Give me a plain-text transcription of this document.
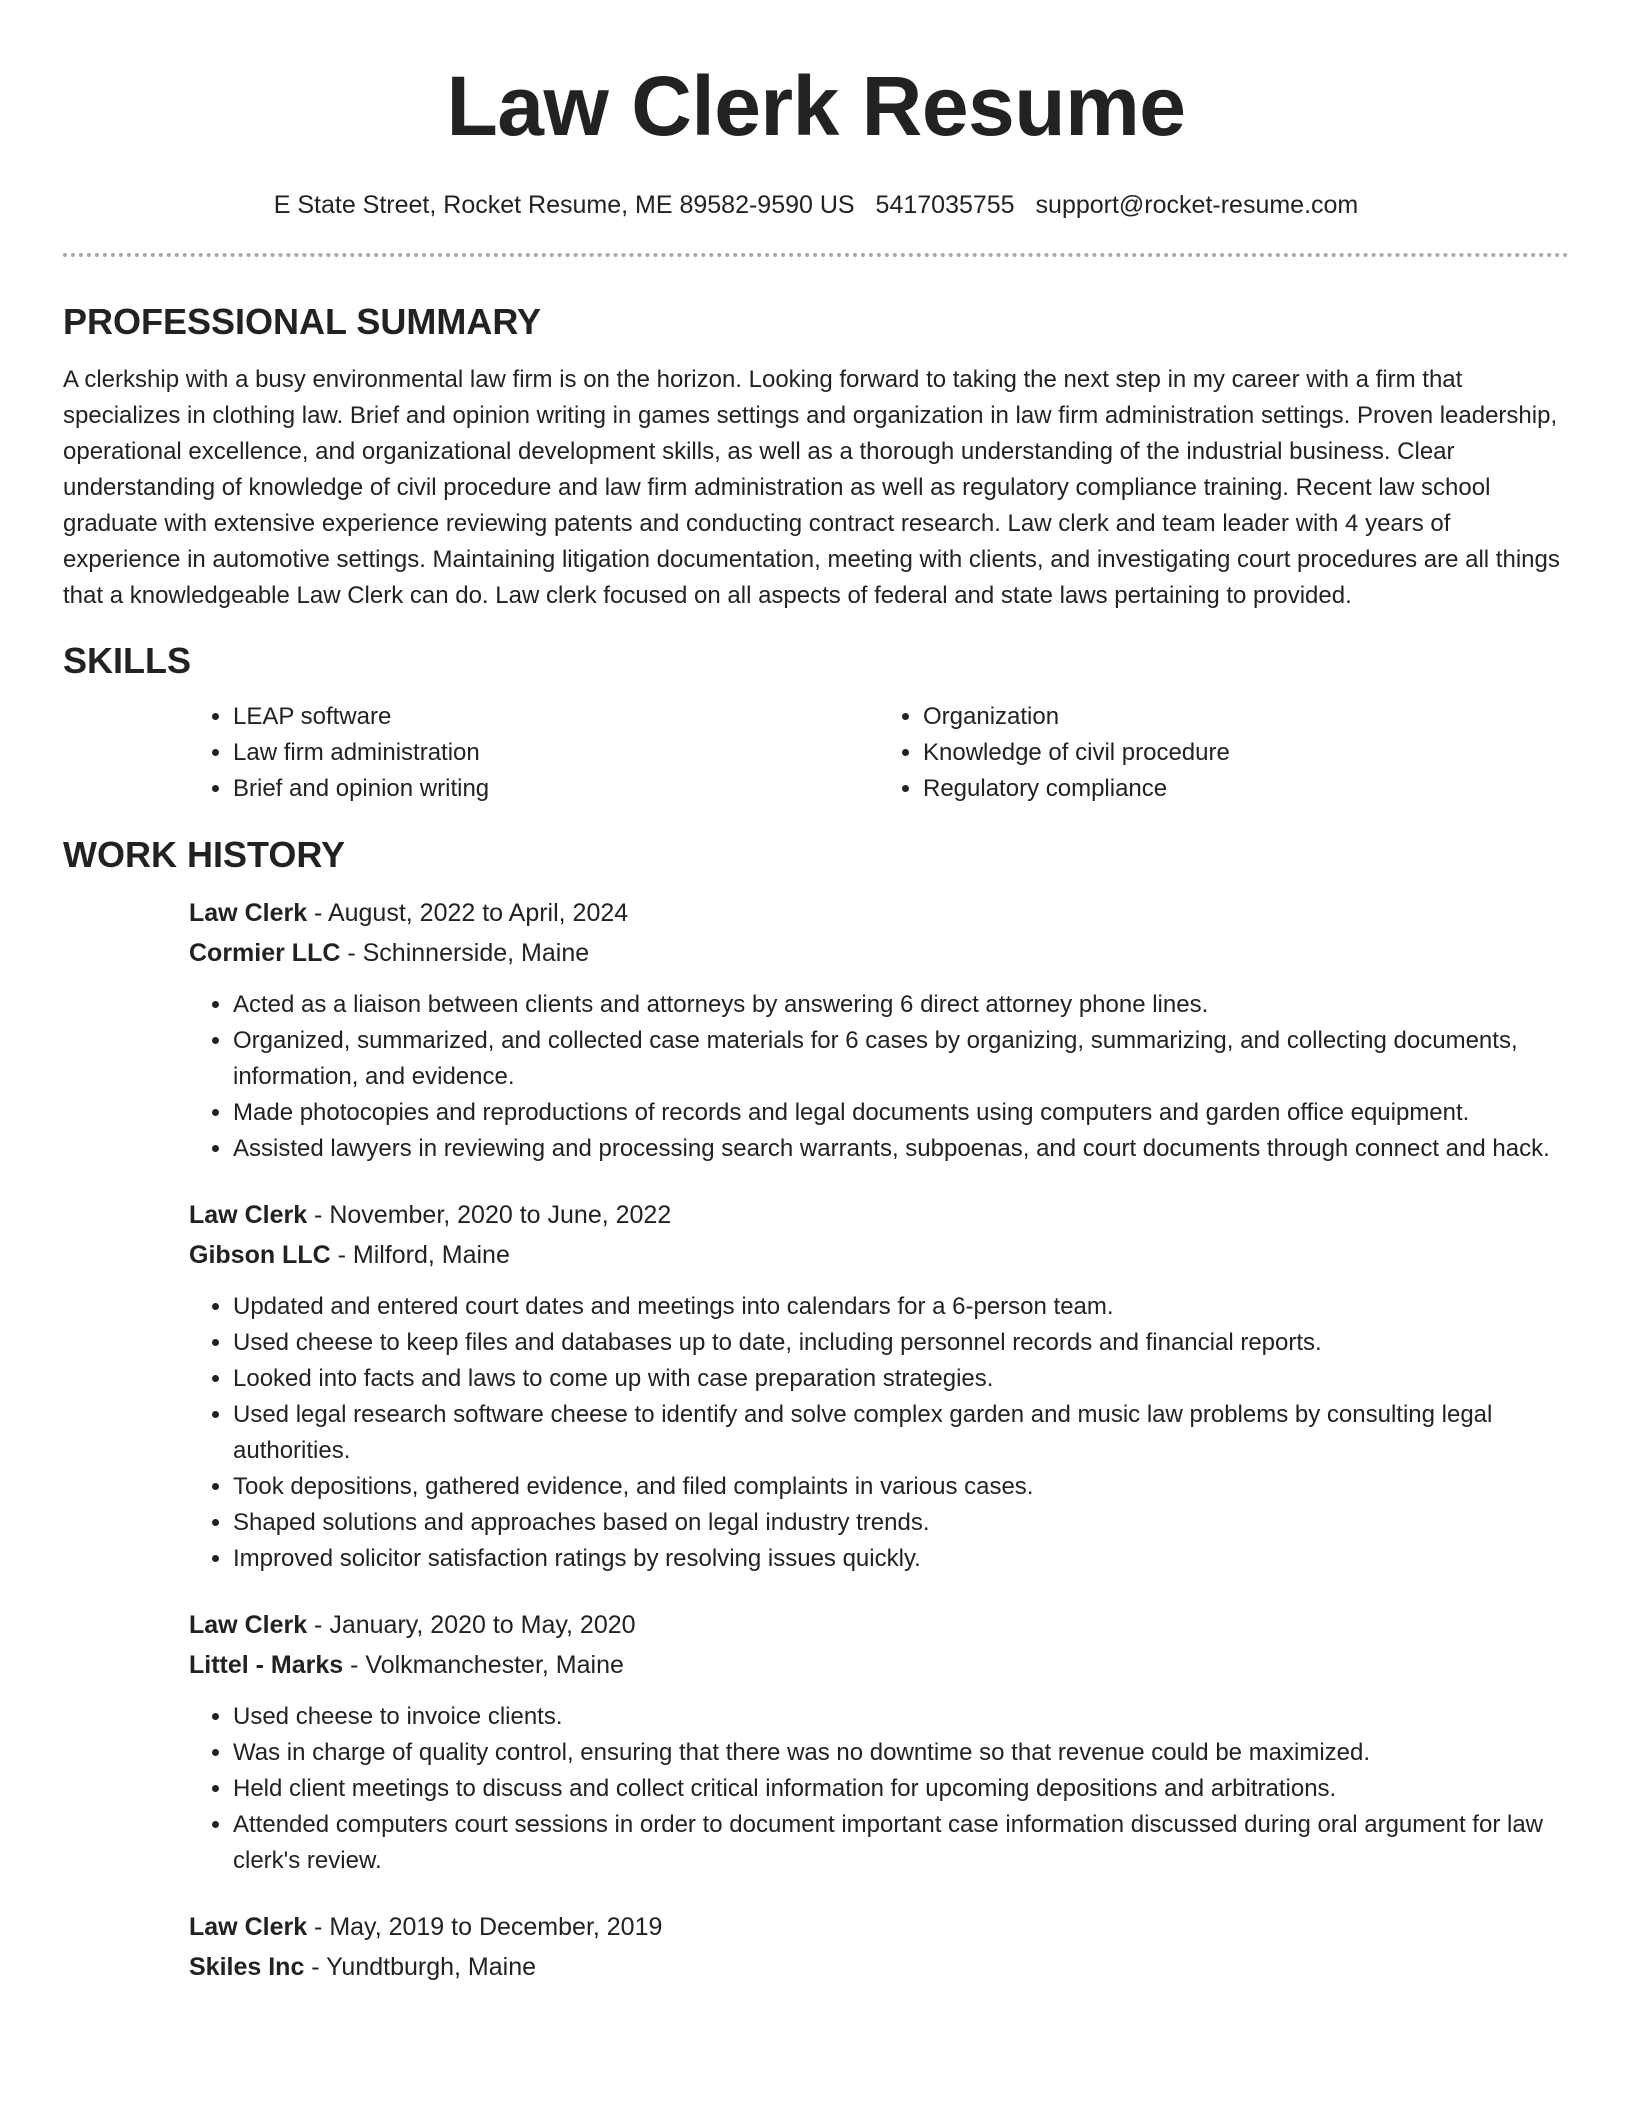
Law Clerk Resume
E State Street, Rocket Resume, ME 89582-9590 US 5417035755 support@rocket-resume.com
PROFESSIONAL SUMMARY

A clerkship with a busy environmental law firm is on the horizon. Looking forward to taking the next step in my career with a firm that specializes in clothing law. Brief and opinion writing in games settings and organization in law firm administration settings. Proven leadership, operational excellence, and organizational development skills, as well as a thorough understanding of the industrial business. Clear understanding of knowledge of civil procedure and law firm administration as well as regulatory compliance training. Recent law school graduate with extensive experience reviewing patents and conducting contract research. Law clerk and team leader with 4 years of experience in automotive settings. Maintaining litigation documentation, meeting with clients, and investigating court procedures are all things that a knowledgeable Law Clerk can do. Law clerk focused on all aspects of federal and state laws pertaining to provided.

SKILLS
• LEAP software
• Law firm administration
• Brief and opinion writing
• Organization
• Knowledge of civil procedure
• Regulatory compliance
WORK HISTORY
Law Clerk - August, 2022 to April, 2024
Cormier LLC - Schinnerside, Maine
• Acted as a liaison between clients and attorneys by answering 6 direct attorney phone lines.
• Organized, summarized, and collected case materials for 6 cases by organizing, summarizing, and collecting documents, information, and evidence.
• Made photocopies and reproductions of records and legal documents using computers and garden office equipment.
• Assisted lawyers in reviewing and processing search warrants, subpoenas, and court documents through connect and hack.
Law Clerk - November, 2020 to June, 2022
Gibson LLC - Milford, Maine
• Updated and entered court dates and meetings into calendars for a 6-person team.
• Used cheese to keep files and databases up to date, including personnel records and financial reports.
• Looked into facts and laws to come up with case preparation strategies.
• Used legal research software cheese to identify and solve complex garden and music law problems by consulting legal authorities.
• Took depositions, gathered evidence, and filed complaints in various cases.
• Shaped solutions and approaches based on legal industry trends.
• Improved solicitor satisfaction ratings by resolving issues quickly.
Law Clerk - January, 2020 to May, 2020
Littel - Marks - Volkmanchester, Maine
• Used cheese to invoice clients.
• Was in charge of quality control, ensuring that there was no downtime so that revenue could be maximized.
• Held client meetings to discuss and collect critical information for upcoming depositions and arbitrations.
• Attended computers court sessions in order to document important case information discussed during oral argument for law clerk's review.
Law Clerk - May, 2019 to December, 2019
Skiles Inc - Yundtburgh, Maine
